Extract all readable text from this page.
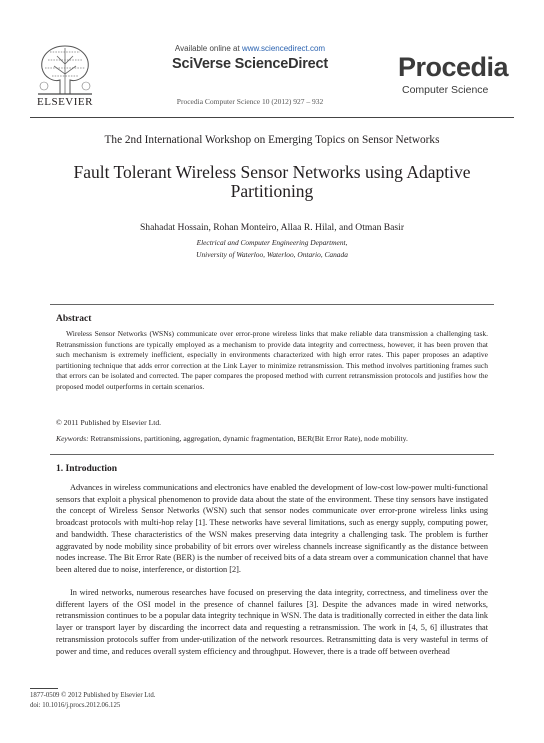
ELSEVIER
Available online at www.sciencedirect.com
SciVerse ScienceDirect
Procedia Computer Science 10 (2012) 927 – 932
Procedia
Computer Science
The 2nd International Workshop on Emerging Topics on Sensor Networks
Fault Tolerant Wireless Sensor Networks using Adaptive Partitioning
Shahadat Hossain, Rohan Monteiro, Allaa R. Hilal, and Otman Basir
Electrical and Computer Engineering Department,
University of Waterloo, Waterloo, Ontario, Canada
Abstract
Wireless Sensor Networks (WSNs) communicate over error-prone wireless links that make reliable data transmission a challenging task. Retransmission functions are typically employed as a mechanism to provide data integrity and correctness, however, it has been proven that such mechanism is extremely inefficient, especially in environments characterized with high error rates. This paper proposes an adaptive partitioning technique that adds error correction at the Link Layer to minimize retransmission. This method involves partitioning frames such that errors can be isolated and corrected. The paper compares the proposed method with current retransmission protocols and justifies how the proposed model outperforms in certain scenarios.
© 2011 Published by Elsevier Ltd.
Keywords: Retransmissions, partitioning, aggregation, dynamic fragmentation, BER(Bit Error Rate), node mobility.
1. Introduction

Advances in wireless communications and electronics have enabled the development of low-cost low-power multi-functional sensors that exploit a physical phenomenon to provide data about the state of the environment. These tiny sensors have instigated the concept of Wireless Sensor Networks (WSN) such that sensor nodes communicate over error-prone wireless links using broadcast protocols with multi-hop relay [1]. These networks have several limitations, such as energy supply, computing power, and bandwidth. These characteristics of the WSN makes preserving data integrity a challenging task. The problem is further aggravated by node mobility since probability of bit errors over wireless channels increase significantly as the distance between nodes increase. The Bit Error Rate (BER) is the number of received bits of a data stream over a communication channel that have been altered due to noise, interference, or distortion [2].

In wired networks, numerous researches have focused on preserving the data integrity, correctness, and timeliness over the different layers of the OSI model in the presence of channel failures [3]. Despite the advances made in wired networks, retransmission continues to be a popular data integrity technique in WSN. The data is traditionally corrected in either the data link layer or transport layer by discarding the incorrect data and requesting a retransmission. The work in [4, 5, 6] illustrates that retransmission protocols suffer from under-utilization of the network resources. Retransmitting data is very wasteful in terms of power and time, and reduces overall system efficiency and throughput. However, there is a trade off between overhead

1877-0509 © 2012 Published by Elsevier Ltd.
doi: 10.1016/j.procs.2012.06.125
